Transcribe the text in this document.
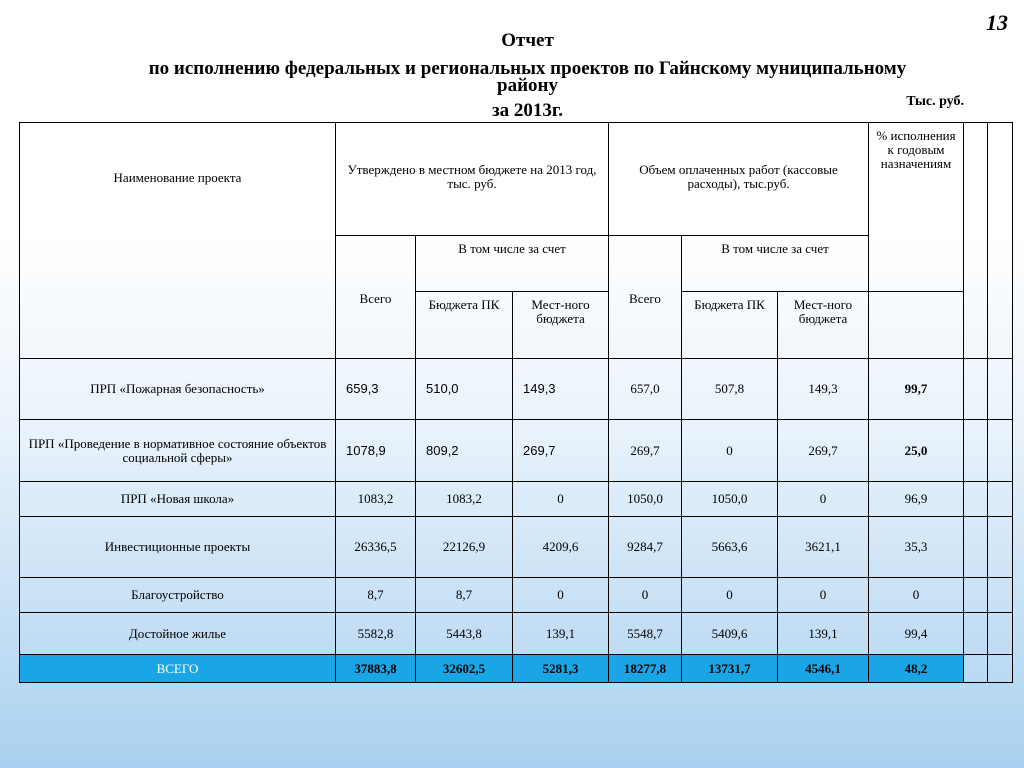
13
Отчет
по исполнению федеральных и региональных проектов по Гайнскому муниципальному
району
за 2013г.	Тыс. руб.
Наименование проекта	Утверждено в местном бюджете на 2013 год, тыс. руб.			Объем оплаченных работ (кассовые расходы), тыс.руб.			% исполнения к годовым назначениям		
	Всего	В том числе за счет		Всего	В том числе за счет				
		Бюджета ПК	Мест-ного бюджета		Бюджета ПК	Мест-ного бюджета			
ПРП «Пожарная безопасность»	659,3	510,0	149,3	657,0	507,8	149,3	99,7		
ПРП «Проведение в нормативное состояние объектов социальной сферы»	1078,9	809,2	269,7	269,7	0	269,7	25,0		
ПРП «Новая школа»	1083,2	1083,2	0	1050,0	1050,0	0	96,9		
Инвестиционные проекты	26336,5	22126,9	4209,6	9284,7	5663,6	3621,1	35,3		
Благоустройство	8,7	8,7	0	0	0	0	0		
Достойное жилье	5582,8	5443,8	139,1	5548,7	5409,6	139,1	99,4		
ВСЕГО	37883,8	32602,5	5281,3	18277,8	13731,7	4546,1	48,2		
